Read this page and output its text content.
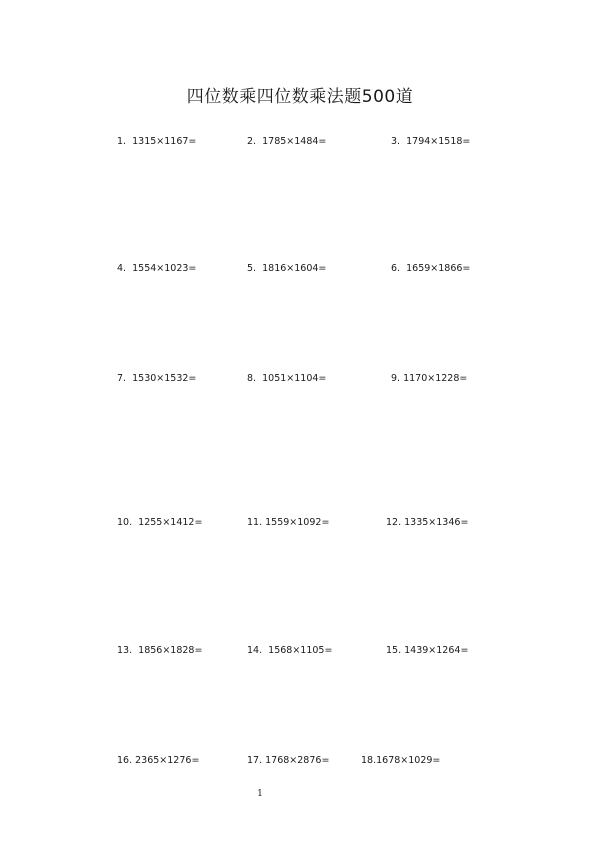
四位数乘四位数乘法题500道
1.  1315×1167=	2.  1785×1484=	3.  1794×1518=
4.  1554×1023=	5.  1816×1604=	6.  1659×1866=
7.  1530×1532=	8.  1051×1104=	9. 1170×1228=
10.  1255×1412=	11. 1559×1092=	12. 1335×1346=
13.  1856×1828=	14.  1568×1105=	15. 1439×1264=
16. 2365×1276=	17. 1768×2876=	18.1678×1029=
1
